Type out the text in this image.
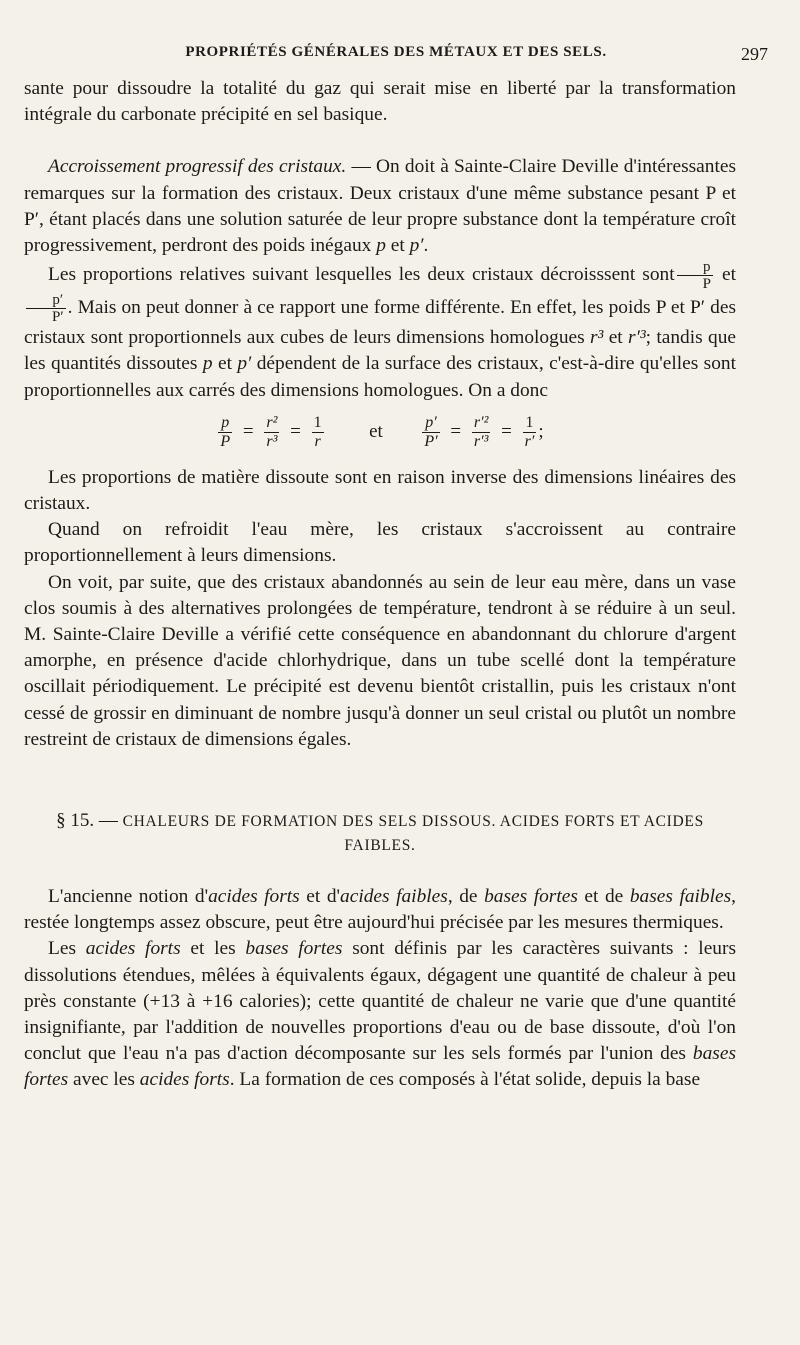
PROPRIÉTÉS GÉNÉRALES DES MÉTAUX ET DES SELS.	297

sante pour dissoudre la totalité du gaz qui serait mise en liberté par la transformation intégrale du carbonate précipité en sel basique.

Accroissement progressif des cristaux. — On doit à Sainte-Claire Deville d'intéressantes remarques sur la formation des cristaux. Deux cristaux d'une même substance pesant P et P′, étant placés dans une solution saturée de leur propre substance dont la température croît progressivement, perdront des poids inégaux p et p′.

Les proportions relatives suivant lesquelles les deux cristaux décroisssent sont $\frac{p}{P}$ et
$\frac{p'}{P'}$ . Mais on peut donner à ce rapport une forme différente. En effet, les poids P et P′ des cristaux sont proportionnels aux cubes de leurs dimensions homologues r³ et r′³; tandis que les quantités dissoutes p et p′ dépendent de la surface des cristaux, c'est-à-dire qu'elles sont proportionnelles aux carrés des dimensions homologues. On a donc

$\frac{p}{P} = \frac{\text{r²}}{\text{r³}} = \frac{1}{r}$ et $\frac{p'}{P'} = \frac{\text{r′²}}{\text{r′³}} = \frac{1}{r'}$ ;

Les proportions de matière dissoute sont en raison inverse des dimensions linéaires des cristaux.

Quand on refroidit l'eau mère, les cristaux s'accroissent au contraire proportionnellement à leurs dimensions.

On voit, par suite, que des cristaux abandonnés au sein de leur eau mère, dans un vase clos soumis à des alternatives prolongées de température, tendront à se réduire à un seul. M. Sainte-Claire Deville a vérifié cette conséquence en abandonnant du chlorure d'argent amorphe, en présence d'acide chlorhydrique, dans un tube scellé dont la température oscillait périodiquement. Le précipité est devenu bientôt cristallin, puis les cristaux n'ont cessé de grossir en diminuant de nombre jusqu'à donner un seul cristal ou plutôt un nombre restreint de cristaux de dimensions égales.

§ 15. — CHALEURS DE FORMATION DES SELS DISSOUS. ACIDES FORTS ET ACIDES FAIBLES.

L'ancienne notion d'acides forts et d'acides faibles, de bases fortes et de bases faibles, restée longtemps assez obscure, peut être aujourd'hui précisée par les mesures thermiques.

Les acides forts et les bases fortes sont définis par les caractères suivants : leurs dissolutions étendues, mêlées à équivalents égaux, dégagent une quantité de chaleur à peu près constante (+13 à +16 calories); cette quantité de chaleur ne varie que d'une quantité insignifiante, par l'addition de nouvelles proportions d'eau ou de base dissoute, d'où l'on conclut que l'eau n'a pas d'action décomposante sur les sels formés par l'union des bases fortes avec les acides forts. La formation de ces composés à l'état solide, depuis la base
